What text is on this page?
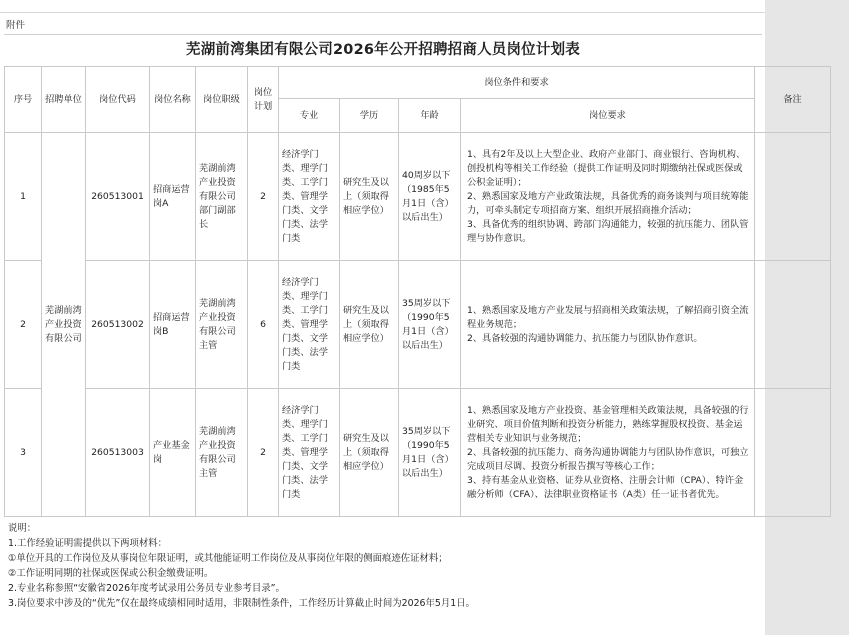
附件
芜湖前湾集团有限公司2026年公开招聘招商人员岗位计划表
序号	招聘单位	岗位代码	岗位名称	岗位职级	岗位计划	岗位条件和要求				备注
						专业	学历	年龄	岗位要求	
1	芜湖前湾产业投资有限公司	260513001	招商运营岗A	芜湖前湾产业投资有限公司部门副部长	2	经济学门类、理学门类、工学门类、管理学门类、文学门类、法学门类	研究生及以上（须取得相应学位）	40周岁以下（1985年5月1日（含）以后出生）	1、具有2年及以上大型企业、政府产业部门、商业银行、咨询机构、创投机构等相关工作经验（提供工作证明及同时期缴纳社保或医保或公积金证明）；
2、熟悉国家及地方产业政策法规，具备优秀的商务谈判与项目统筹能力，可牵头制定专项招商方案、组织开展招商推介活动；
3、具备优秀的组织协调、跨部门沟通能力，较强的抗压能力、团队管理与协作意识。	

2		260513002	招商运营岗B	芜湖前湾产业投资有限公司主管	6	经济学门类、理学门类、工学门类、管理学门类、文学门类、法学门类	研究生及以上（须取得相应学位）	35周岁以下（1990年5月1日（含）以后出生）	1、熟悉国家及地方产业发展与招商相关政策法规，了解招商引资全流程业务规范；
2、具备较强的沟通协调能力、抗压能力与团队协作意识。	

3		260513003	产业基金岗	芜湖前湾产业投资有限公司主管	2	经济学门类、理学门类、工学门类、管理学门类、文学门类、法学门类	研究生及以上（须取得相应学位）	35周岁以下（1990年5月1日（含）以后出生）	1、熟悉国家及地方产业投资、基金管理相关政策法规，具备较强的行业研究、项目价值判断和投资分析能力，熟练掌握股权投资、基金运营相关专业知识与业务规范；
2、具备较强的抗压能力、商务沟通协调能力与团队协作意识，可独立完成项目尽调、投资分析报告撰写等核心工作；
3、持有基金从业资格、证券从业资格、注册会计师（CPA）、特许金融分析师（CFA）、法律职业资格证书（A类）任一证书者优先。	

说明：
1.工作经验证明需提供以下两项材料：
①单位开具的工作岗位及从事岗位年限证明，或其他能证明工作岗位及从事岗位年限的侧面痕迹佐证材料；
②工作证明同期的社保或医保或公积金缴费证明。
2.专业名称参照“安徽省2026年度考试录用公务员专业参考目录”。
3.岗位要求中涉及的“优先”仅在最终成绩相同时适用，非限制性条件，工作经历计算截止时间为2026年5月1日。
